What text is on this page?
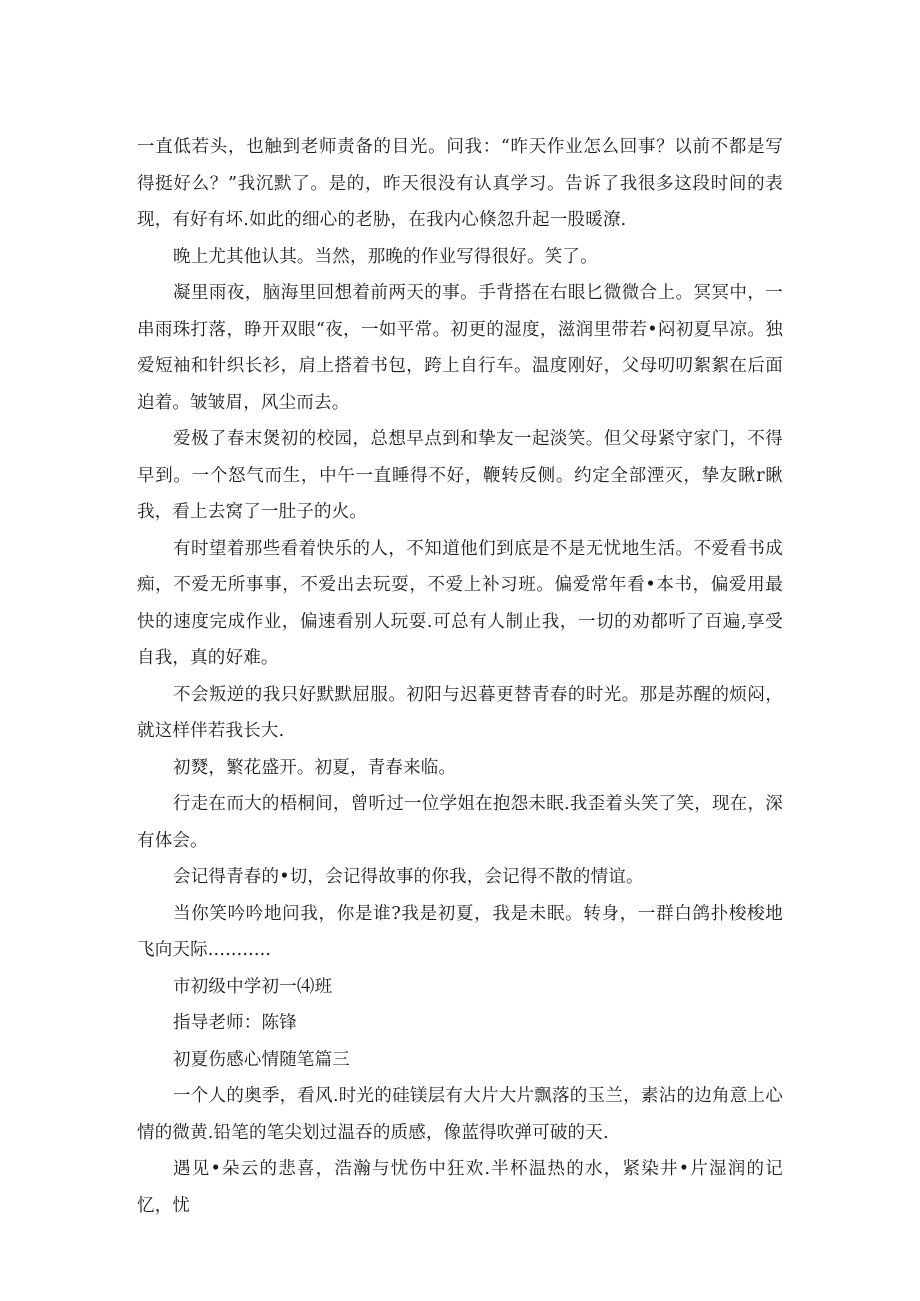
一直低若头，也触到老师责备的目光。问我：“昨天作业怎么回事？以前不都是写得挺好么？”我沉默了。是的，昨天很没有认真学习。告诉了我很多这段时间的表现，有好有坏.如此的细心的老胁，在我内心倏忽升起一股暖潦.

晚上尤其他认其。当然，那晚的作业写得很好。笑了。

凝里雨夜，脑海里回想着前两天的事。手背搭在右眼匕微微合上。冥冥中，一串雨珠打落，睁开双眼“夜，一如平常。初更的湿度，滋润里带若•闷初夏早凉。独爱短袖和针织长衫，肩上搭着书包，跨上自行车。温度刚好，父母叨叨絮絮在后面迫着。皱皱眉，风尘而去。

爱极了春末煲初的校园，总想早点到和挚友一起淡笑。但父母紧守家门，不得早到。一个怒气而生，中午一直睡得不好，鞭转反侧。约定全部湮灭，挚友瞅r瞅我，看上去窝了一肚子的火。

有时望着那些看着快乐的人，不知道他们到底是不是无忧地生活。不爱看书成痴，不爱无所事事，不爱出去玩耍，不爱上补习班。偏爱常年看•本书，偏爱用最快的速度完成作业，偏速看别人玩耍.可总有人制止我，一切的劝都听了百遍,享受自我，真的好难。

不会叛逆的我只好默默屈服。初阳与迟暮更替青春的时光。那是苏醒的烦闷，就这样伴若我长大.

初燹，繁花盛开。初夏，青春来临。

行走在而大的梧桐间，曾听过一位学姐在抱怨未眠.我歪着头笑了笑，现在，深有体会。

会记得青春的•切，会记得故事的你我，会记得不散的情谊。

当你笑吟吟地问我，你是谁?我是初夏，我是未眠。转身，一群白鸽扑梭梭地飞向天际...........

市初级中学初一⑷班

指导老师：陈锋

初夏伤感心情随笔篇三

一个人的奥季，看风.时光的硅镁层有大片大片飘落的玉兰，素沾的边角意上心情的微黄.铅笔的笔尖划过温吞的质感，像蓝得吹弹可破的天.

遇见•朵云的悲喜，浩瀚与忧伤中狂欢.半杯温热的水，紧染井•片湿润的记忆，忧
